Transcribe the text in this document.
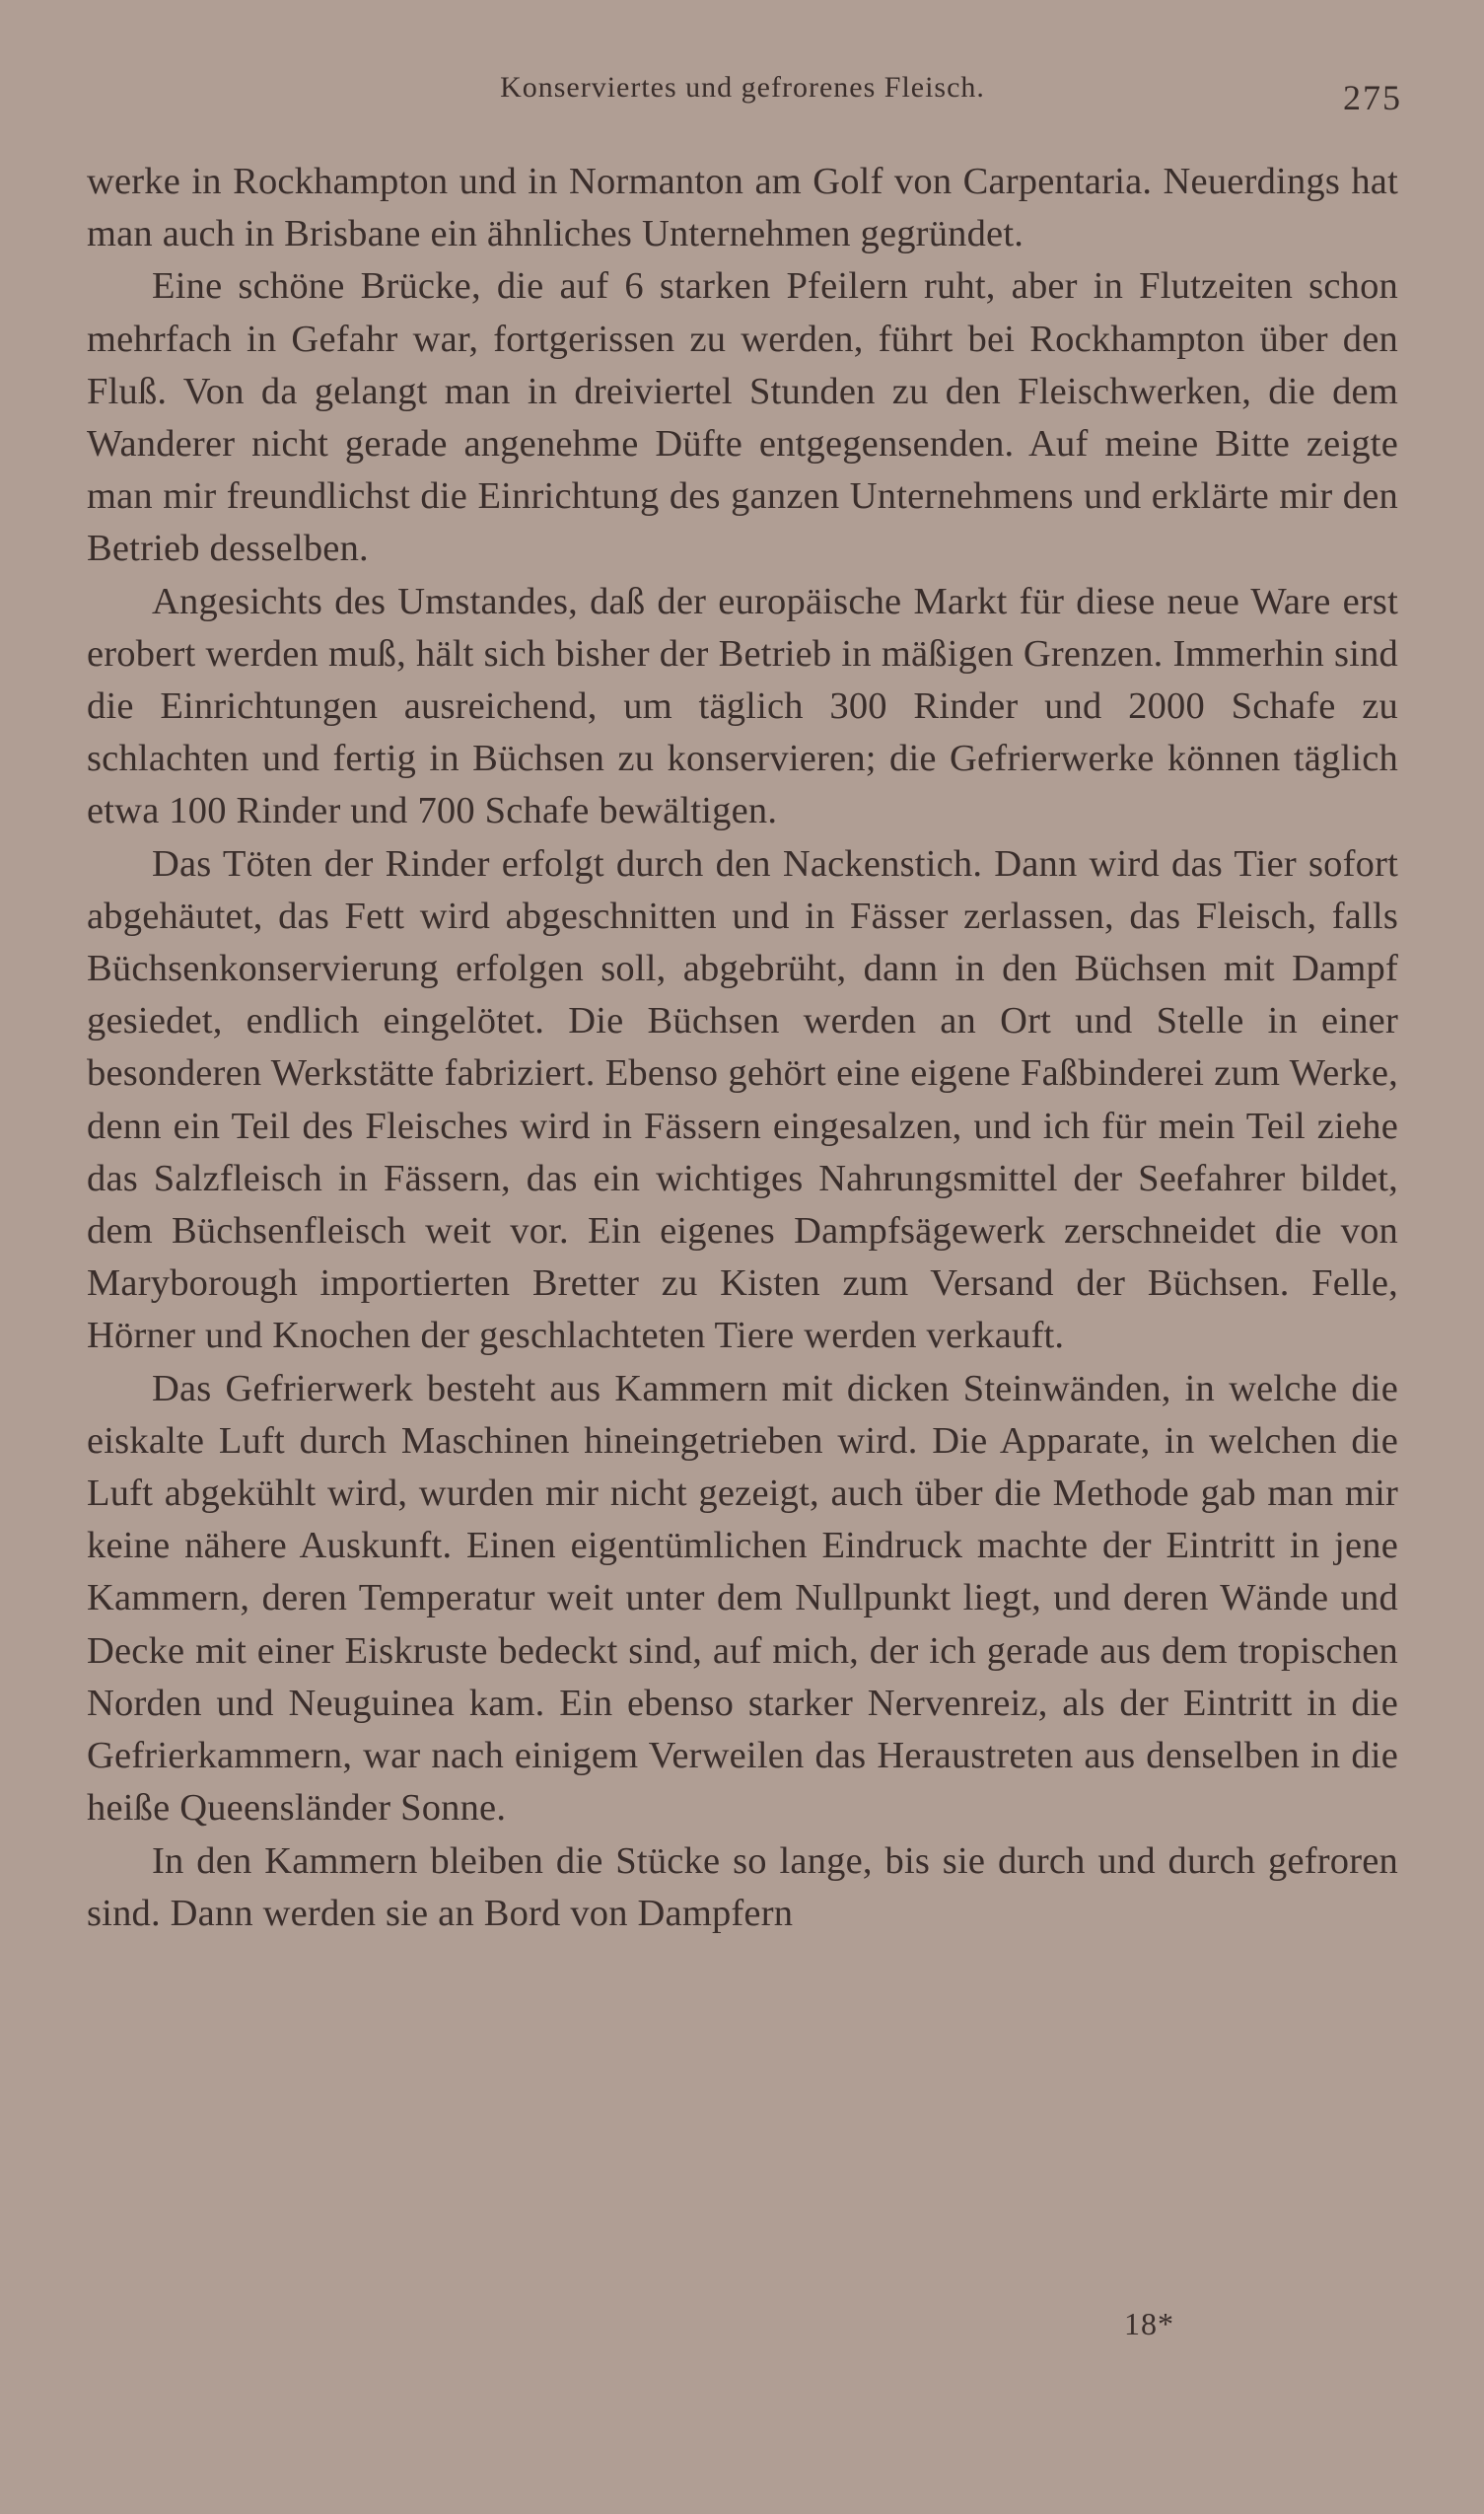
Konserviertes und gefrorenes Fleisch.	275

werke in Rockhampton und in Normanton am Golf von Carpentaria. Neuerdings hat man auch in Brisbane ein ähnliches Unternehmen gegründet.

Eine schöne Brücke, die auf 6 starken Pfeilern ruht, aber in Flutzeiten schon mehrfach in Gefahr war, fortgerissen zu werden, führt bei Rockhampton über den Fluß. Von da gelangt man in dreiviertel Stunden zu den Fleischwerken, die dem Wanderer nicht gerade angenehme Düfte entgegensenden. Auf meine Bitte zeigte man mir freundlichst die Einrichtung des ganzen Unternehmens und erklärte mir den Betrieb desselben.

Angesichts des Umstandes, daß der europäische Markt für diese neue Ware erst erobert werden muß, hält sich bisher der Betrieb in mäßigen Grenzen. Immerhin sind die Einrichtungen ausreichend, um täglich 300 Rinder und 2000 Schafe zu schlachten und fertig in Büchsen zu konservieren; die Gefrierwerke können täglich etwa 100 Rinder und 700 Schafe bewältigen.

Das Töten der Rinder erfolgt durch den Nackenstich. Dann wird das Tier sofort abgehäutet, das Fett wird abgeschnitten und in Fässer zerlassen, das Fleisch, falls Büchsenkonservierung erfolgen soll, abgebrüht, dann in den Büchsen mit Dampf gesiedet, endlich eingelötet. Die Büchsen werden an Ort und Stelle in einer besonderen Werkstätte fabriziert. Ebenso gehört eine eigene Faßbinderei zum Werke, denn ein Teil des Fleisches wird in Fässern eingesalzen, und ich für mein Teil ziehe das Salzfleisch in Fässern, das ein wichtiges Nahrungsmittel der Seefahrer bildet, dem Büchsenfleisch weit vor. Ein eigenes Dampfsägewerk zerschneidet die von Maryborough importierten Bretter zu Kisten zum Versand der Büchsen. Felle, Hörner und Knochen der geschlachteten Tiere werden verkauft.

Das Gefrierwerk besteht aus Kammern mit dicken Steinwänden, in welche die eiskalte Luft durch Maschinen hineingetrieben wird. Die Apparate, in welchen die Luft abgekühlt wird, wurden mir nicht gezeigt, auch über die Methode gab man mir keine nähere Auskunft. Einen eigentümlichen Eindruck machte der Eintritt in jene Kammern, deren Temperatur weit unter dem Nullpunkt liegt, und deren Wände und Decke mit einer Eiskruste bedeckt sind, auf mich, der ich gerade aus dem tropischen Norden und Neuguinea kam. Ein ebenso starker Nervenreiz, als der Eintritt in die Gefrierkammern, war nach einigem Verweilen das Heraustreten aus denselben in die heiße Queensländer Sonne.

In den Kammern bleiben die Stücke so lange, bis sie durch und durch gefroren sind. Dann werden sie an Bord von Dampfern

18*
